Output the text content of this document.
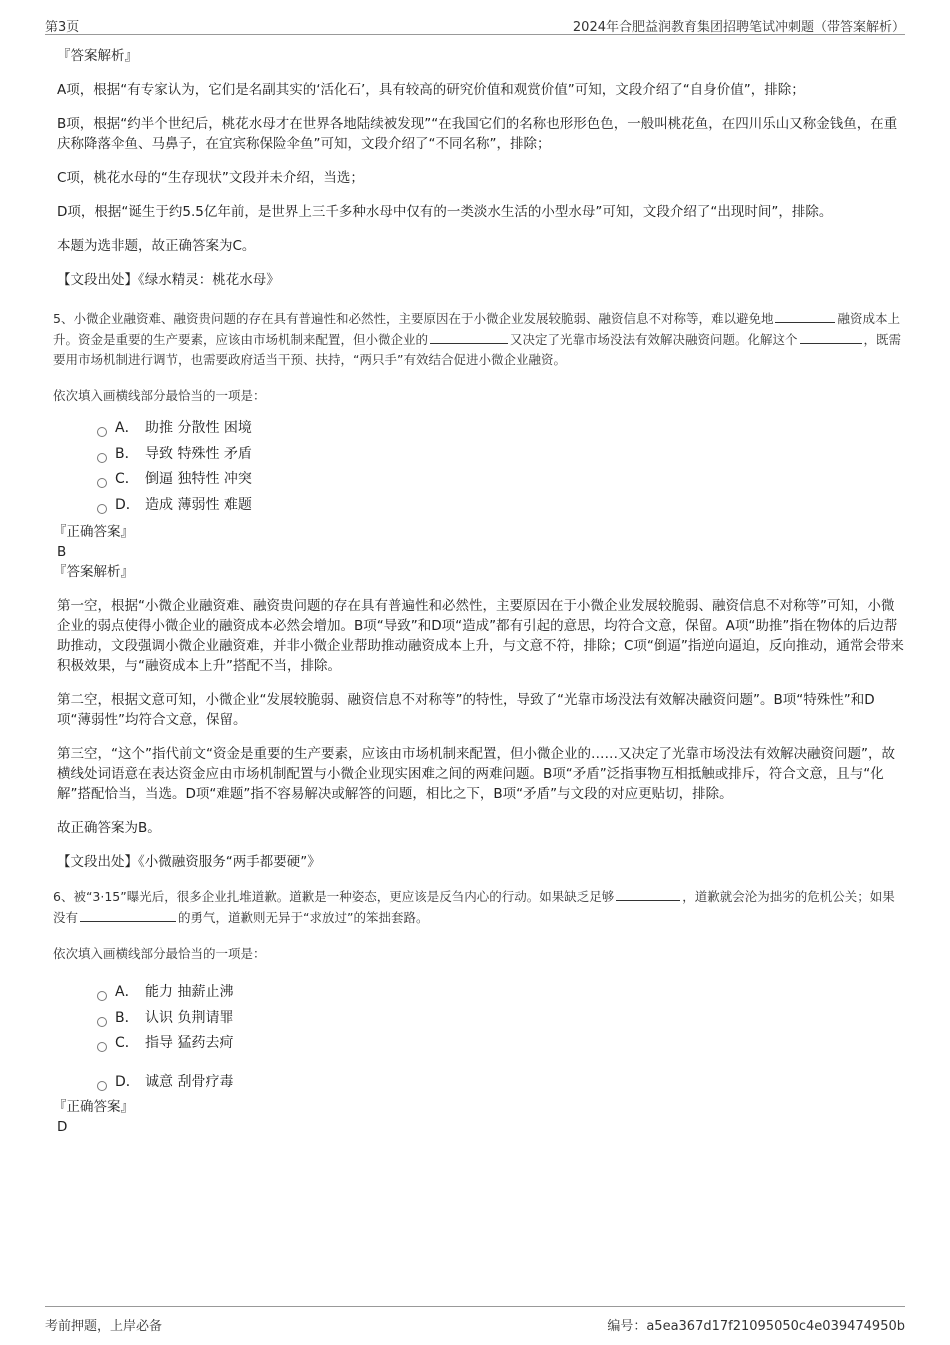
第3页	2024年合肥益润教育集团招聘笔试冲刺题（带答案解析）
『答案解析』
A项，根据“有专家认为，它们是名副其实的‘活化石’，具有较高的研究价值和观赏价值”可知，文段介绍了“自身价值”，排除；
B项，根据“约半个世纪后，桃花水母才在世界各地陆续被发现”“在我国它们的名称也形形色色，一般叫桃花鱼，在四川乐山又称金钱鱼，在重庆称降落伞鱼、马鼻子，在宜宾称保险伞鱼”可知，文段介绍了“不同名称”，排除；
C项，桃花水母的“生存现状”文段并未介绍，当选；
D项，根据“诞生于约5.5亿年前，是世界上三千多种水母中仅有的一类淡水生活的小型水母”可知，文段介绍了“出现时间”，排除。
本题为选非题，故正确答案为C。
【文段出处】《绿水精灵：桃花水母》
5、小微企业融资难、融资贵问题的存在具有普遍性和必然性，主要原因在于小微企业发展较脆弱、融资信息不对称等，难以避免地	融资成本上升。资金是重要的生产要素，应该由市场机制来配置，但小微企业的	又决定了光靠市场没法有效解决融资问题。化解这个	，既需要用市场机制进行调节，也需要政府适当干预、扶持，“两只手”有效结合促进小微企业融资。
依次填入画横线部分最恰当的一项是：
A． 助推 分散性 困境
B． 导致 特殊性 矛盾
C． 倒逼 独特性 冲突
D． 造成 薄弱性 难题
『正确答案』
B
『答案解析』
第一空，根据“小微企业融资难、融资贵问题的存在具有普遍性和必然性，主要原因在于小微企业发展较脆弱、融资信息不对称等”可知，小微企业的弱点使得小微企业的融资成本必然会增加。B项“导致”和D项“造成”都有引起的意思，均符合文意，保留。A项“助推”指在物体的后边帮助推动，文段强调小微企业融资难，并非小微企业帮助推动融资成本上升，与文意不符，排除；C项“倒逼”指逆向逼迫，反向推动，通常会带来积极效果，与“融资成本上升”搭配不当，排除。
第二空，根据文意可知，小微企业“发展较脆弱、融资信息不对称等”的特性，导致了“光靠市场没法有效解决融资问题”。B项“特殊性”和D项“薄弱性”均符合文意，保留。
第三空，“这个”指代前文“资金是重要的生产要素，应该由市场机制来配置，但小微企业的……又决定了光靠市场没法有效解决融资问题”，故横线处词语意在表达资金应由市场机制配置与小微企业现实困难之间的两难问题。B项“矛盾”泛指事物互相抵触或排斥，符合文意，且与“化解”搭配恰当，当选。D项“难题”指不容易解决或解答的问题，相比之下，B项“矛盾”与文段的对应更贴切，排除。
故正确答案为B。
【文段出处】《小微融资服务“两手都要硬”》
6、被“3·15”曝光后，很多企业扎堆道歉。道歉是一种姿态，更应该是反刍内心的行动。如果缺乏足够	，道歉就会沦为拙劣的危机公关；如果没有	的勇气，道歉则无异于“求放过”的笨拙套路。
依次填入画横线部分最恰当的一项是：
A． 能力 抽薪止沸
B． 认识 负荆请罪
C． 指导 猛药去疴
D． 诚意 刮骨疗毒
『正确答案』
D
考前押题，上岸必备	编号：a5ea367d17f21095050c4e039474950b
